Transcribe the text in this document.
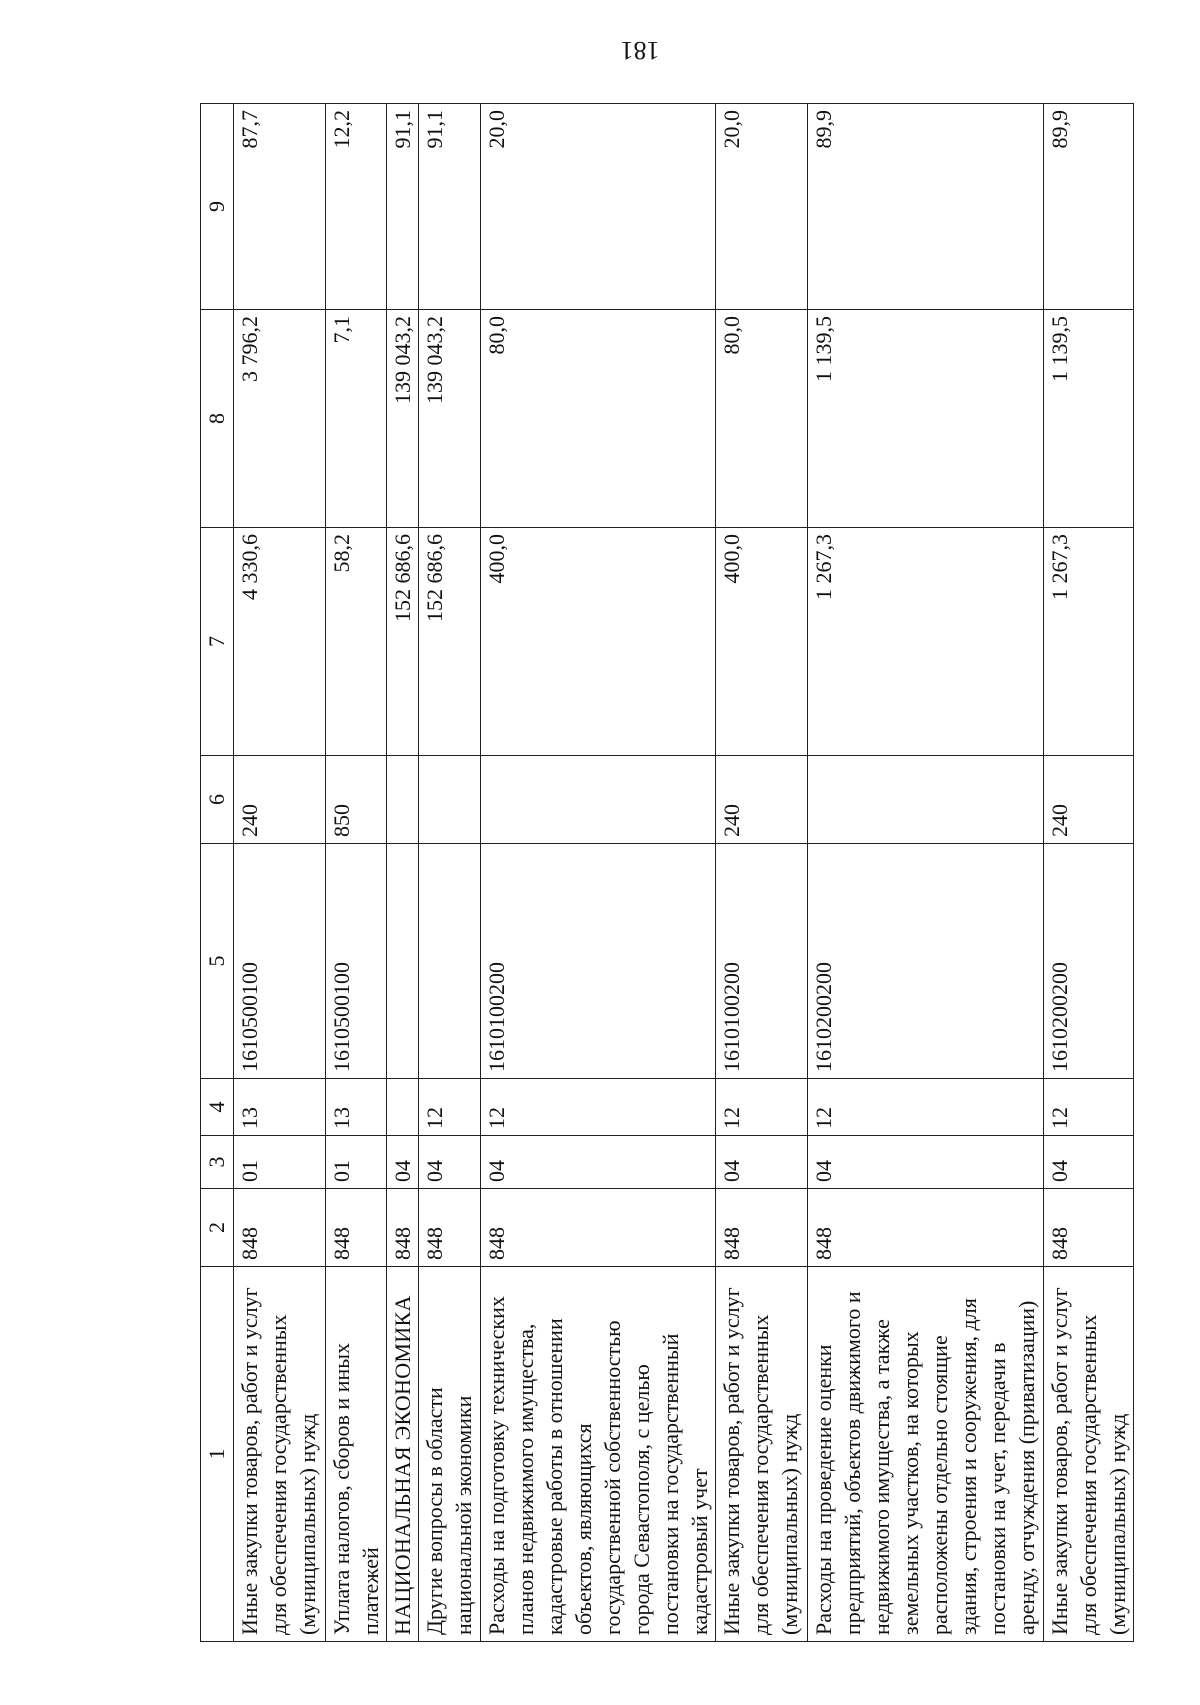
181
1	2	3	4	5	6	7	8	9
Иные закупки товаров, работ и услуг для обеспечения государственных (муниципальных) нужд	848	01	13	1610500100	240	4 330,6	3 796,2	87,7
Уплата налогов, сборов и иных платежей	848	01	13	1610500100	850	58,2	7,1	12,2
НАЦИОНАЛЬНАЯ ЭКОНОМИКА	848	04				152 686,6	139 043,2	91,1
Другие вопросы в области национальной экономики	848	04	12			152 686,6	139 043,2	91,1
Расходы на подготовку технических планов недвижимого имущества, кадастровые работы в отношении объектов, являющихся государственной собственностью города Севастополя, с целью постановки на государственный кадастровый учет	848	04	12	1610100200		400,0	80,0	20,0
Иные закупки товаров, работ и услуг для обеспечения государственных (муниципальных) нужд	848	04	12	1610100200	240	400,0	80,0	20,0
Расходы на проведение оценки предприятий, объектов движимого и недвижимого имущества, а также земельных участков, на которых расположены отдельно стоящие здания, строения и сооружения, для постановки на учет, передачи в аренду, отчуждения (приватизации)	848	04	12	1610200200		1 267,3	1 139,5	89,9
Иные закупки товаров, работ и услуг для обеспечения государственных (муниципальных) нужд	848	04	12	1610200200	240	1 267,3	1 139,5	89,9
